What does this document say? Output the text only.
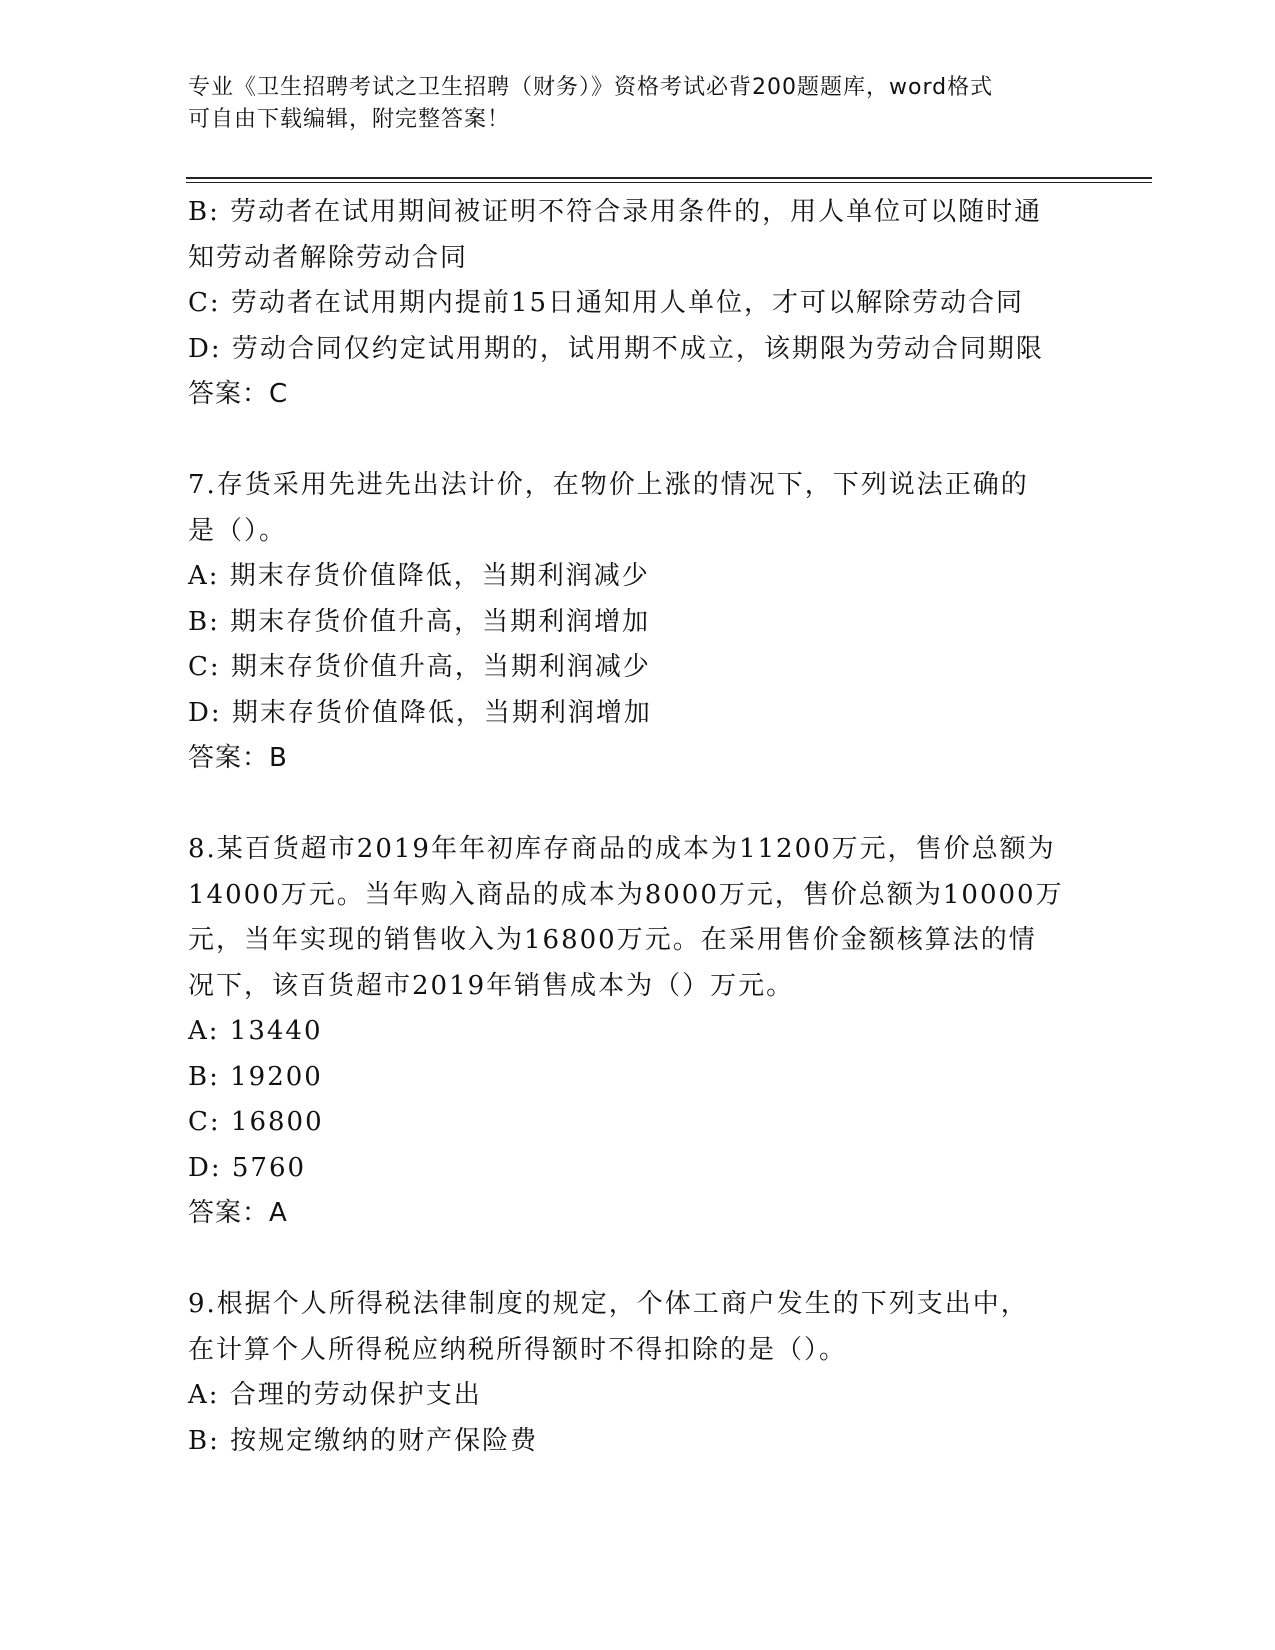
专业《卫生招聘考试之卫生招聘（财务）》资格考试必背200题题库，word格式
可自由下载编辑，附完整答案！
B: 劳动者在试用期间被证明不符合录用条件的，用人单位可以随时通
知劳动者解除劳动合同
C: 劳动者在试用期内提前15日通知用人单位，才可以解除劳动合同
D: 劳动合同仅约定试用期的，试用期不成立，该期限为劳动合同期限
答案：C
7.存货采用先进先出法计价，在物价上涨的情况下，下列说法正确的
是（）。
A: 期末存货价值降低，当期利润减少
B: 期末存货价值升高，当期利润增加
C: 期末存货价值升高，当期利润减少
D: 期末存货价值降低，当期利润增加
答案：B
8.某百货超市2019年年初库存商品的成本为11200万元，售价总额为
14000万元。当年购入商品的成本为8000万元，售价总额为10000万
元，当年实现的销售收入为16800万元。在采用售价金额核算法的情
况下，该百货超市2019年销售成本为（）万元。
A: 13440
B: 19200
C: 16800
D: 5760
答案：A
9.根据个人所得税法律制度的规定，个体工商户发生的下列支出中，
在计算个人所得税应纳税所得额时不得扣除的是（）。
A: 合理的劳动保护支出
B: 按规定缴纳的财产保险费
